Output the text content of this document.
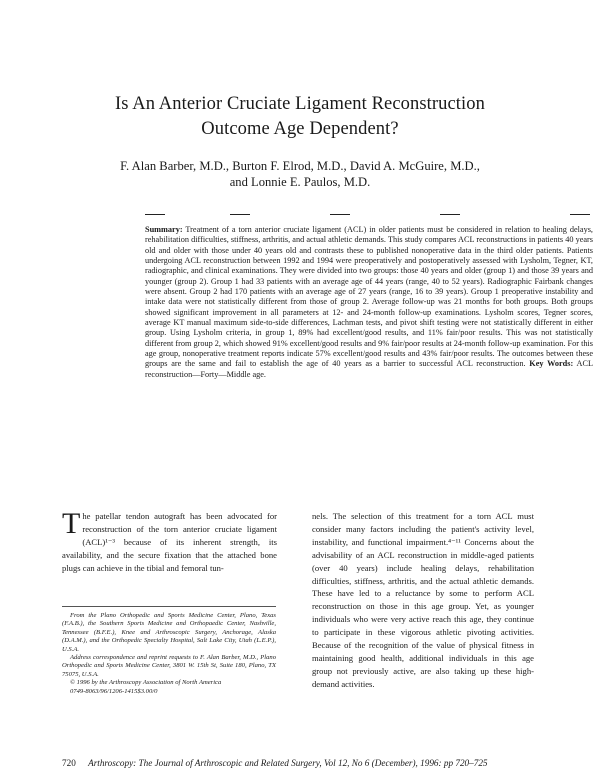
Is An Anterior Cruciate Ligament Reconstruction
Outcome Age Dependent?
F. Alan Barber, M.D., Burton F. Elrod, M.D., David A. McGuire, M.D.,
and Lonnie E. Paulos, M.D.
Summary: Treatment of a torn anterior cruciate ligament (ACL) in older patients must be considered in relation to healing delays, rehabilitation difficulties, stiffness, arthritis, and actual athletic demands. This study compares ACL reconstructions in patients 40 years old and older with those under 40 years old and contrasts these to published nonoperative data in the third older patients. Patients undergoing ACL reconstruction between 1992 and 1994 were preoperatively and postoperatively assessed with Lysholm, Tegner, KT, radiographic, and clinical examinations. They were divided into two groups: those 40 years and older (group 1) and those 39 years and younger (group 2). Group 1 had 33 patients with an average age of 44 years (range, 40 to 52 years). Radiographic Fairbank changes were absent. Group 2 had 170 patients with an average age of 27 years (range, 16 to 39 years). Group 1 preoperative instability and intake data were not statistically different from those of group 2. Average follow-up was 21 months for both groups. Both groups showed significant improvement in all parameters at 12- and 24-month follow-up examinations. Lysholm scores, Tegner scores, average KT manual maximum side-to-side differences, Lachman tests, and pivot shift testing were not statistically different in either group. Using Lysholm criteria, in group 1, 89% had excellent/good results, and 11% fair/poor results. This was not statistically different from group 2, which showed 91% excellent/good results and 9% fair/poor results at 24-month follow-up examination. For this age group, nonoperative treatment reports indicate 57% excellent/good results and 43% fair/poor results. The outcomes between these groups are the same and fail to establish the age of 40 years as a barrier to successful ACL reconstruction. Key Words: ACL reconstruction—Forty—Middle age.
T he patellar tendon autograft has been advocated for reconstruction of the torn anterior cruciate ligament (ACL)¹⁻³ because of its inherent strength, its availability, and the secure fixation that the attached bone plugs can achieve in the tibial and femoral tun-
nels. The selection of this treatment for a torn ACL must consider many factors including the patient's activity level, instability, and functional impairment.⁴⁻¹¹ Concerns about the advisability of an ACL reconstruction in middle-aged patients (over 40 years) include healing delays, rehabilitation difficulties, stiffness, arthritis, and the actual athletic demands. These have led to a reluctance by some to perform ACL reconstruction on those in this age group. Yet, as younger individuals who were very active reach this age, they continue to participate in these vigorous athletic pivoting activities. Because of the recognition of the value of physical fitness in maintaining good health, additional individuals in this age group not previously active, are also taking up these high-demand activities.

From the Plano Orthopedic and Sports Medicine Center, Plano, Texas (F.A.B.), the Southern Sports Medicine and Orthopaedic Center, Nashville, Tennessee (B.F.E.), Knee and Arthroscopic Surgery, Anchorage, Alaska (D.A.M.), and the Orthopedic Specialty Hospital, Salt Lake City, Utah (L.E.P.), U.S.A.

Address correspondence and reprint requests to F. Alan Barber, M.D., Plano Orthopedic and Sports Medicine Center, 3801 W. 15th St, Suite 180, Plano, TX 75075, U.S.A.

© 1996 by the Arthroscopy Association of North America

0749-8063/96/1206-1415$3.00/0

720 Arthroscopy: The Journal of Arthroscopic and Related Surgery, Vol 12, No 6 (December), 1996: pp 720–725
